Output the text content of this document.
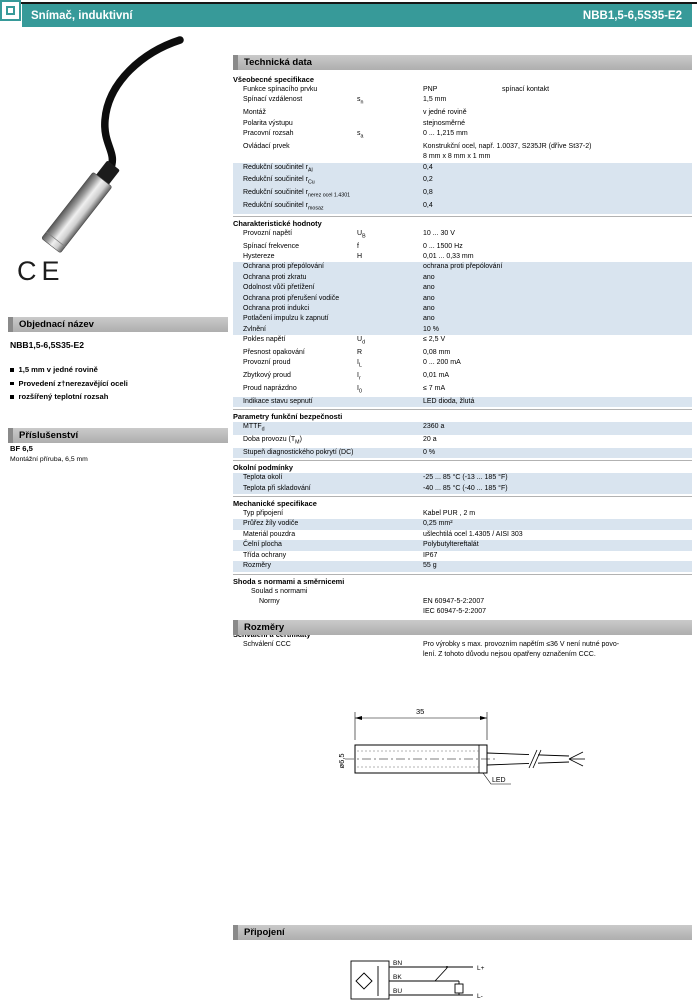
Snímač, induktivní	NBB1,5-6,5S35-E2
CE
Objednací název
NBB1,5-6,5S35-E2
1,5 mm v jedné rovině
Provedení z†nerezavějící oceli
rozšířený teplotní rozsah
Příslušenství
BF 6,5
Montážní příruba, 6,5 mm
Technická data
Všeobecné specifikace
Funkce spínacího prvku	PNP	spínací kontakt
Spínací vzdálenost	$s_n$	1,5 mm
Montáž	v jedné rovině
Polarita výstupu	stejnosměrné
Pracovní rozsah	$s_a$	0 ... 1,215 mm
Ovládací prvek	Konstrukční ocel, např. 1.0037, S235JR (dříve St37-2)
8 mm x 8 mm x 1 mm
Redukční součinitel $r_{Al}$	0,4
Redukční součinitel $r_{Cu}$	0,2
Redukční součinitel $r_{nerez ocel 1.4301}$	0,8
Redukční součinitel $r_{mosaz}$	0,4
Charakteristické hodnoty
Provozní napětí	$U_B$	10 ... 30 V
Spínací frekvence	f	0 ... 1500 Hz
Hystereze	H	0,01 ... 0,33 mm
Ochrana proti přepólování	ochrana proti přepólování
Ochrana proti zkratu	ano
Odolnost vůči přetížení	ano
Ochrana proti přerušení vodiče	ano
Ochrana proti indukci	ano
Potlačení impulzu k zapnutí	ano
Zvlnění	10 %
Pokles napětí	$U_d$	≤ 2,5 V
Přesnost opakování	R	0,08 mm
Provozní proud	$I_L$	0 ... 200 mA
Zbytkový proud	$I_r$	0,01 mA
Proud naprázdno	$I_0$	≤ 7 mA
Indikace stavu sepnutí	LED dioda, žlutá
Parametry funkční bezpečnosti
$MTTF_d$	2360 a
Doba provozu $(T_M)$	20 a
Stupeň diagnostického pokrytí (DC)	0 %
Okolní podmínky
Teplota okolí	-25 ... 85 °C (-13 ... 185 °F)
Teplota při skladování	-40 ... 85 °C (-40 ... 185 °F)
Mechanické specifikace
Typ připojení	Kabel PUR , 2 m
Průřez žíly vodiče	0,25 mm²
Materiál pouzdra	ušlechtilá ocel 1.4305 / AISI 303
Čelní plocha	Polybutyltereftalát
Třída ochrany	IP67
Rozměry	55 g
Shoda s normami a směrnicemi
Soulad s normami
Normy	EN 60947-5-2:2007
IEC 60947-5-2:2007
Schválení CCC	Pro výrobky s max. provozním napětím ≤36 V není nutné povo-
lení. Z tohoto důvodu nejsou opatřeny označením CCC.
Rozměry
35
ø6,5
LED
Připojení
BN
BK
BU
L+
L-
